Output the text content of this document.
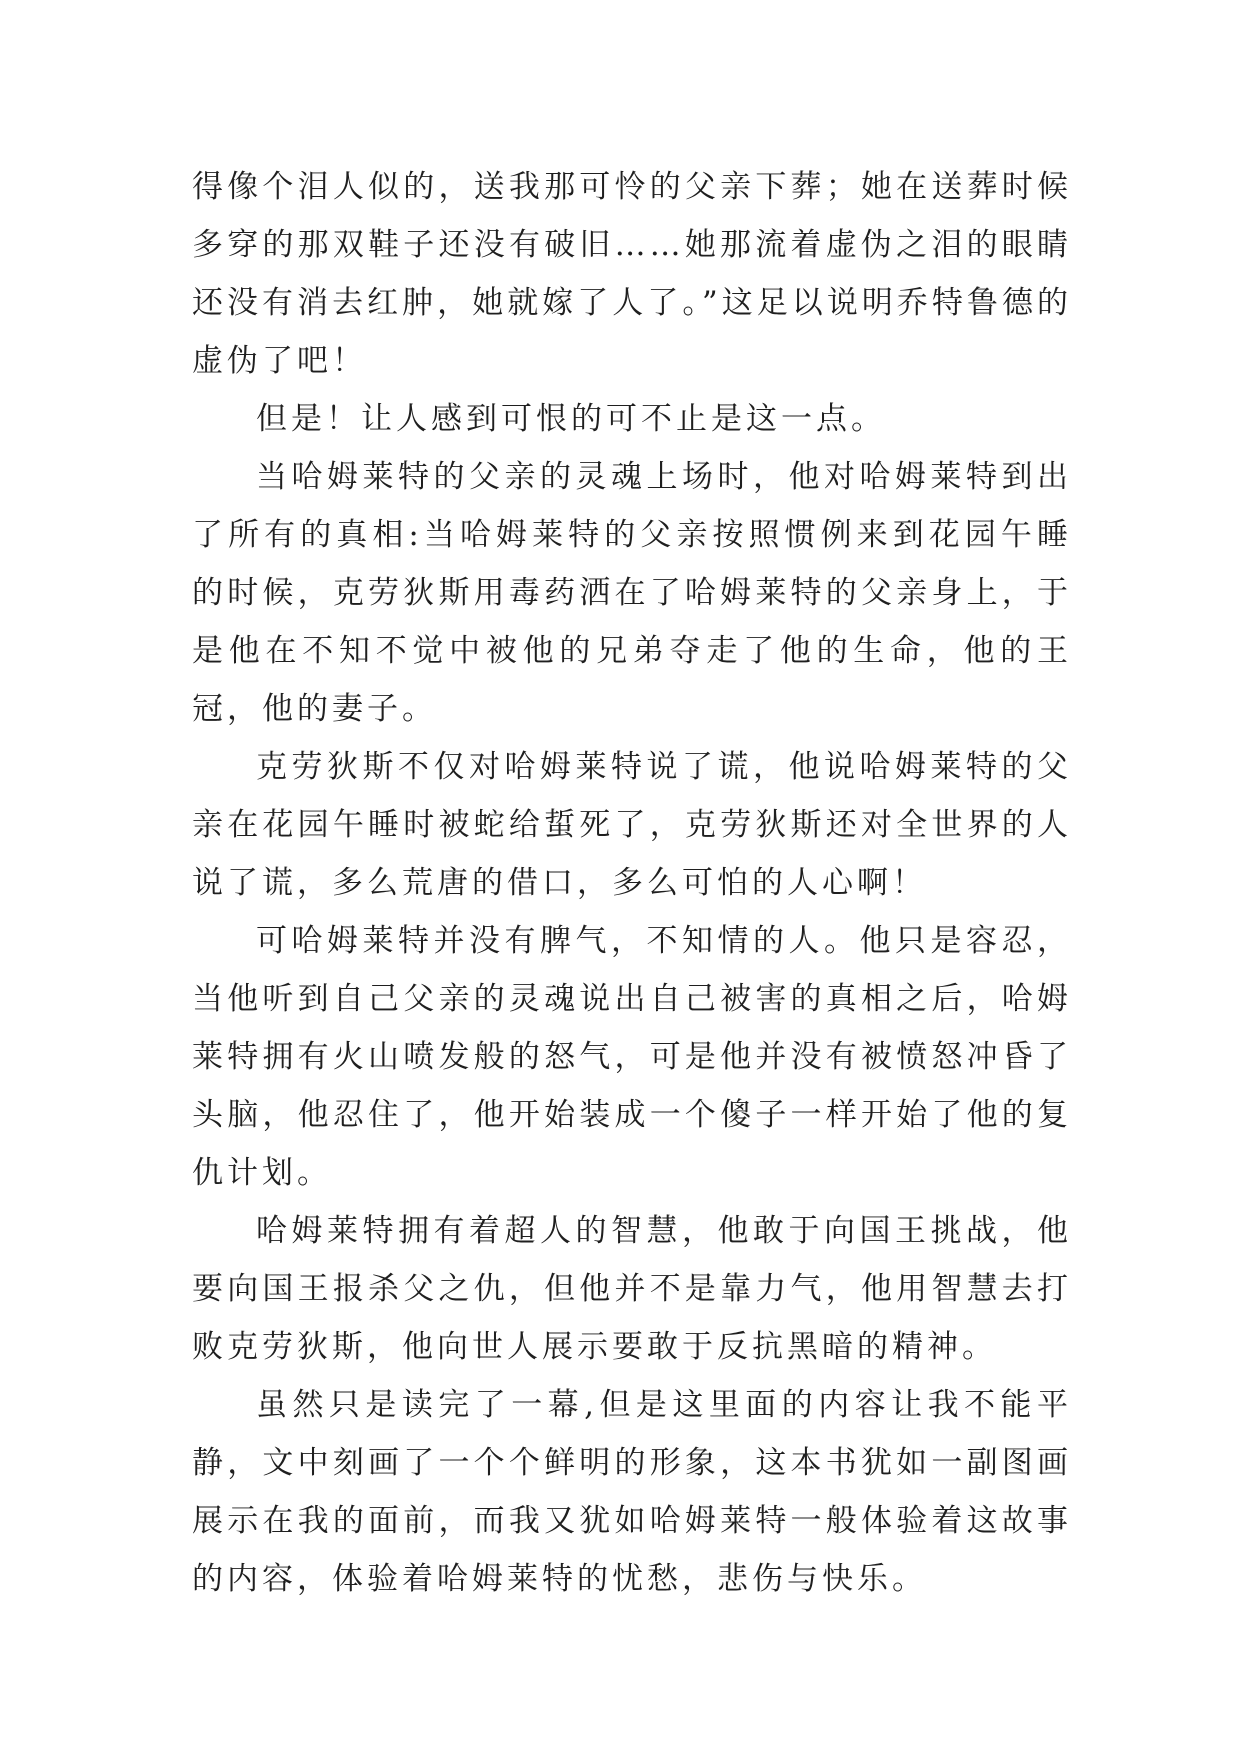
得像个泪人似的，送我那可怜的父亲下葬；她在送葬时候多穿的那双鞋子还没有破旧……她那流着虚伪之泪的眼睛还没有消去红肿，她就嫁了人了。”这足以说明乔特鲁德的虚伪了吧！

但是！让人感到可恨的可不止是这一点。

当哈姆莱特的父亲的灵魂上场时，他对哈姆莱特到出了所有的真相:当哈姆莱特的父亲按照惯例来到花园午睡的时候，克劳狄斯用毒药洒在了哈姆莱特的父亲身上，于是他在不知不觉中被他的兄弟夺走了他的生命，他的王冠，他的妻子。

克劳狄斯不仅对哈姆莱特说了谎，他说哈姆莱特的父亲在花园午睡时被蛇给蜇死了，克劳狄斯还对全世界的人说了谎，多么荒唐的借口，多么可怕的人心啊！

可哈姆莱特并没有脾气，不知情的人。他只是容忍，当他听到自己父亲的灵魂说出自己被害的真相之后，哈姆莱特拥有火山喷发般的怒气，可是他并没有被愤怒冲昏了头脑，他忍住了，他开始装成一个傻子一样开始了他的复仇计划。

哈姆莱特拥有着超人的智慧，他敢于向国王挑战，他要向国王报杀父之仇，但他并不是靠力气，他用智慧去打败克劳狄斯，他向世人展示要敢于反抗黑暗的精神。

虽然只是读完了一幕,但是这里面的内容让我不能平静，文中刻画了一个个鲜明的形象，这本书犹如一副图画展示在我的面前，而我又犹如哈姆莱特一般体验着这故事的内容，体验着哈姆莱特的忧愁，悲伤与快乐。
